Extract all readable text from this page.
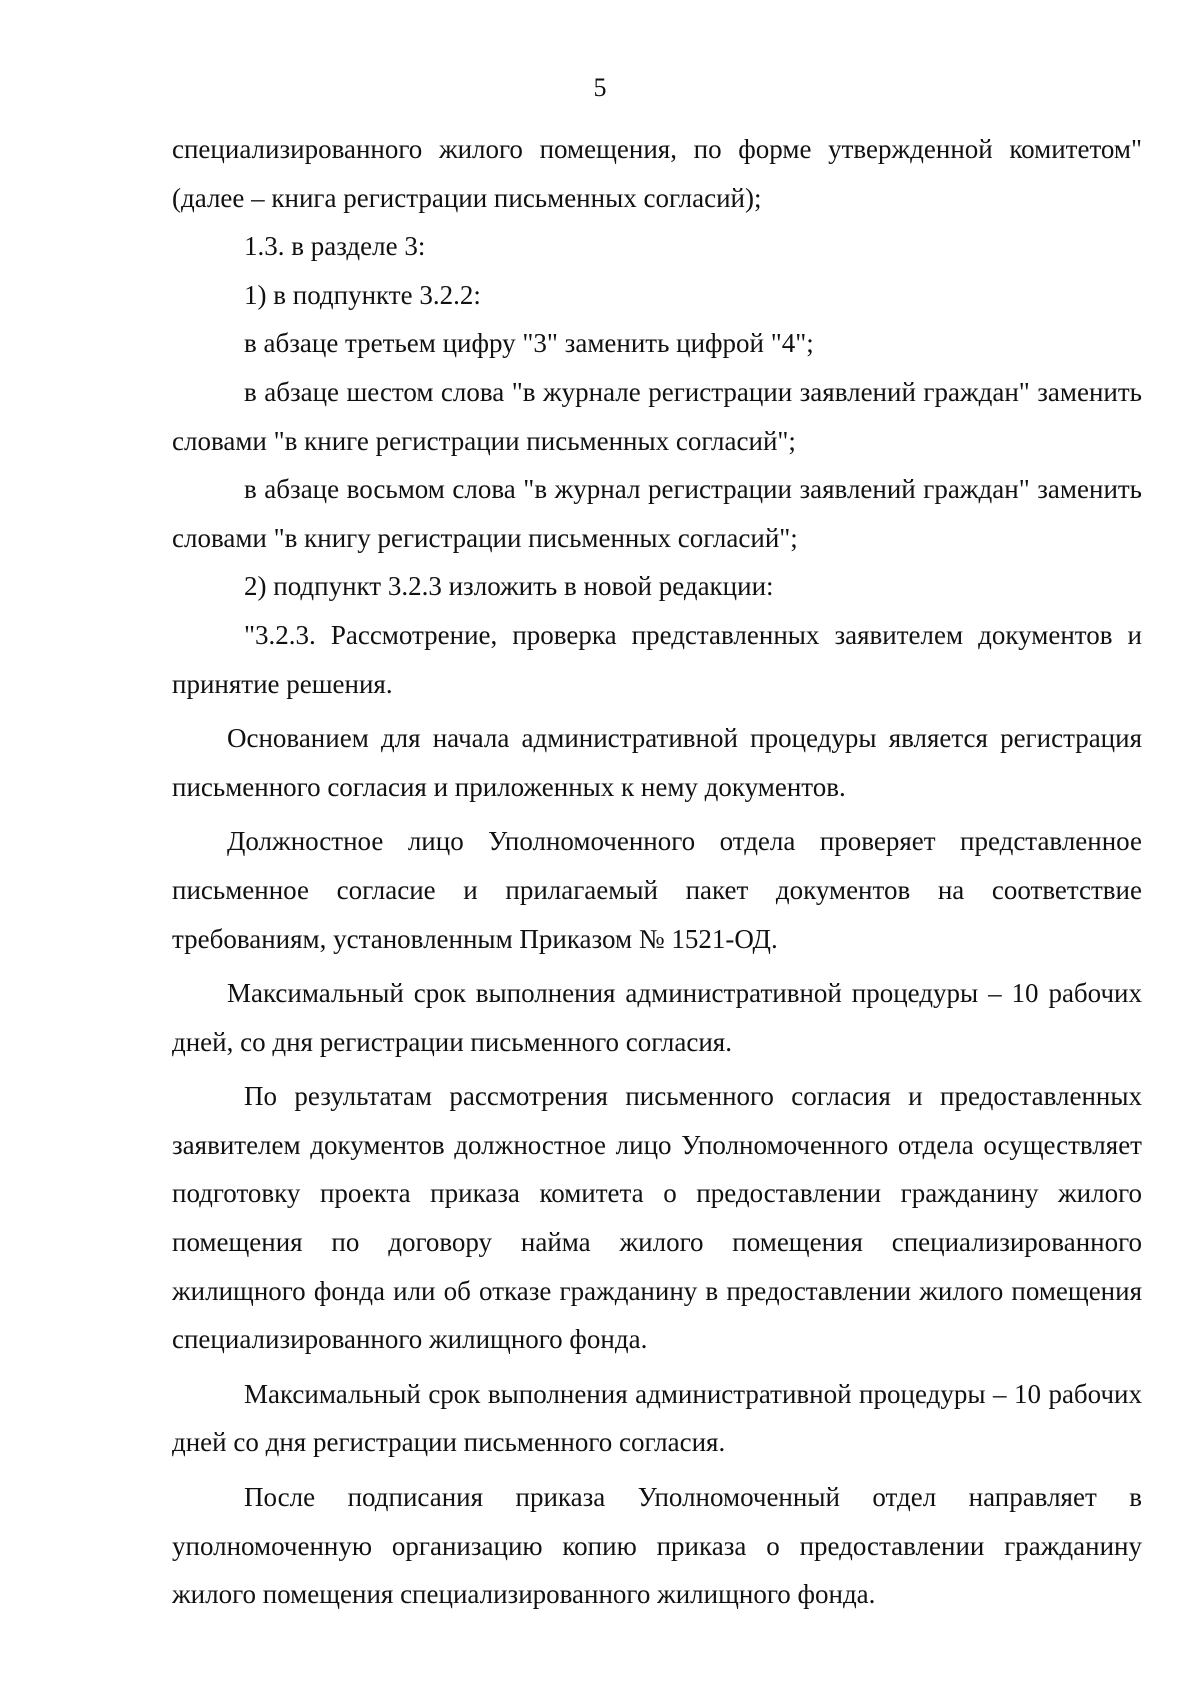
5

специализированного жилого помещения, по форме утвержденной комитетом" (далее – книга регистрации письменных согласий);

1.3. в разделе 3:

1) в подпункте 3.2.2:

в абзаце третьем цифру "3" заменить цифрой "4";

в абзаце шестом слова "в журнале регистрации заявлений граждан" заменить словами "в книге регистрации письменных согласий";

в абзаце восьмом слова "в журнал регистрации заявлений граждан" заменить словами "в книгу регистрации письменных согласий";

2) подпункт 3.2.3 изложить в новой редакции:

"3.2.3. Рассмотрение, проверка представленных заявителем документов и принятие решения.

Основанием для начала административной процедуры является регистрация письменного согласия и приложенных к нему документов.

Должностное лицо Уполномоченного отдела проверяет представленное письменное согласие и прилагаемый пакет документов на соответствие требованиям, установленным Приказом № 1521-ОД.

Максимальный срок выполнения административной процедуры – 10 рабочих дней, со дня регистрации письменного согласия.

По результатам рассмотрения письменного согласия и предоставленных заявителем документов должностное лицо Уполномоченного отдела осуществляет подготовку проекта приказа комитета о предоставлении гражданину жилого помещения по договору найма жилого помещения специализированного жилищного фонда или об отказе гражданину в предоставлении жилого помещения специализированного жилищного фонда.

Максимальный срок выполнения административной процедуры – 10 рабочих дней со дня регистрации письменного согласия.

После подписания приказа Уполномоченный отдел направляет в уполномоченную организацию копию приказа о предоставлении гражданину жилого помещения специализированного жилищного фонда.
